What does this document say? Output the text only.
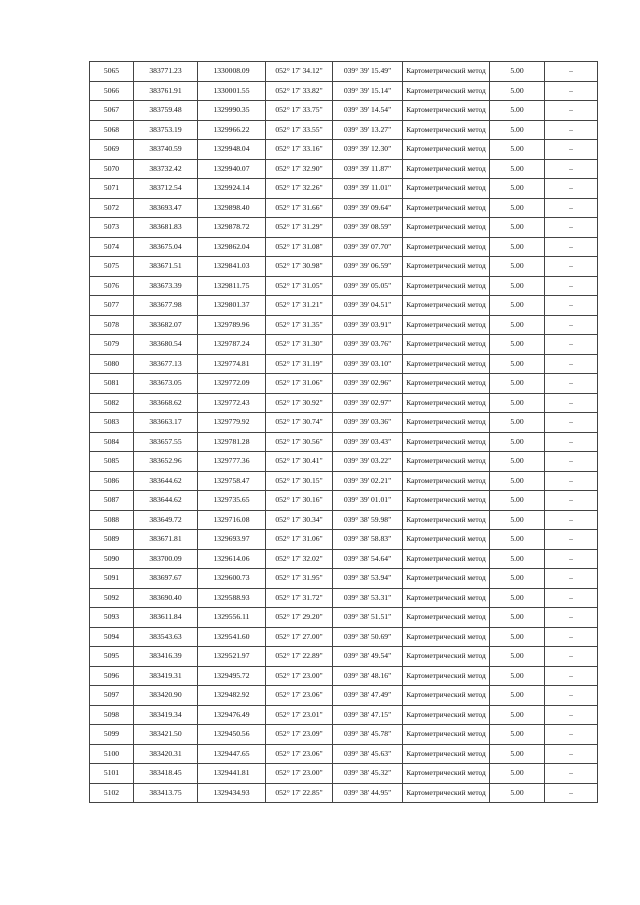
5065	383771.23	1330008.09	052° 17' 34.12"	039° 39' 15.49"	Картометрический метод	5.00	–
5066	383761.91	1330001.55	052° 17' 33.82"	039° 39' 15.14"	Картометрический метод	5.00	–
5067	383759.48	1329990.35	052° 17' 33.75"	039° 39' 14.54"	Картометрический метод	5.00	–
5068	383753.19	1329966.22	052° 17' 33.55"	039° 39' 13.27"	Картометрический метод	5.00	–
5069	383740.59	1329948.04	052° 17' 33.16"	039° 39' 12.30"	Картометрический метод	5.00	–
5070	383732.42	1329940.07	052° 17' 32.90"	039° 39' 11.87"	Картометрический метод	5.00	–
5071	383712.54	1329924.14	052° 17' 32.26"	039° 39' 11.01"	Картометрический метод	5.00	–
5072	383693.47	1329898.40	052° 17' 31.66"	039° 39' 09.64"	Картометрический метод	5.00	–
5073	383681.83	1329878.72	052° 17' 31.29"	039° 39' 08.59"	Картометрический метод	5.00	–
5074	383675.04	1329862.04	052° 17' 31.08"	039° 39' 07.70"	Картометрический метод	5.00	–
5075	383671.51	1329841.03	052° 17' 30.98"	039° 39' 06.59"	Картометрический метод	5.00	–
5076	383673.39	1329811.75	052° 17' 31.05"	039° 39' 05.05"	Картометрический метод	5.00	–
5077	383677.98	1329801.37	052° 17' 31.21"	039° 39' 04.51"	Картометрический метод	5.00	–
5078	383682.07	1329789.96	052° 17' 31.35"	039° 39' 03.91"	Картометрический метод	5.00	–
5079	383680.54	1329787.24	052° 17' 31.30"	039° 39' 03.76"	Картометрический метод	5.00	–
5080	383677.13	1329774.81	052° 17' 31.19"	039° 39' 03.10"	Картометрический метод	5.00	–
5081	383673.05	1329772.09	052° 17' 31.06"	039° 39' 02.96"	Картометрический метод	5.00	–
5082	383668.62	1329772.43	052° 17' 30.92"	039° 39' 02.97"	Картометрический метод	5.00	–
5083	383663.17	1329779.92	052° 17' 30.74"	039° 39' 03.36"	Картометрический метод	5.00	–
5084	383657.55	1329781.28	052° 17' 30.56"	039° 39' 03.43"	Картометрический метод	5.00	–
5085	383652.96	1329777.36	052° 17' 30.41"	039° 39' 03.22"	Картометрический метод	5.00	–
5086	383644.62	1329758.47	052° 17' 30.15"	039° 39' 02.21"	Картометрический метод	5.00	–
5087	383644.62	1329735.65	052° 17' 30.16"	039° 39' 01.01"	Картометрический метод	5.00	–
5088	383649.72	1329716.08	052° 17' 30.34"	039° 38' 59.98"	Картометрический метод	5.00	–
5089	383671.81	1329693.97	052° 17' 31.06"	039° 38' 58.83"	Картометрический метод	5.00	–
5090	383700.09	1329614.06	052° 17' 32.02"	039° 38' 54.64"	Картометрический метод	5.00	–
5091	383697.67	1329600.73	052° 17' 31.95"	039° 38' 53.94"	Картометрический метод	5.00	–
5092	383690.40	1329588.93	052° 17' 31.72"	039° 38' 53.31"	Картометрический метод	5.00	–
5093	383611.84	1329556.11	052° 17' 29.20"	039° 38' 51.51"	Картометрический метод	5.00	–
5094	383543.63	1329541.60	052° 17' 27.00"	039° 38' 50.69"	Картометрический метод	5.00	–
5095	383416.39	1329521.97	052° 17' 22.89"	039° 38' 49.54"	Картометрический метод	5.00	–
5096	383419.31	1329495.72	052° 17' 23.00"	039° 38' 48.16"	Картометрический метод	5.00	–
5097	383420.90	1329482.92	052° 17' 23.06"	039° 38' 47.49"	Картометрический метод	5.00	–
5098	383419.34	1329476.49	052° 17' 23.01"	039° 38' 47.15"	Картометрический метод	5.00	–
5099	383421.50	1329450.56	052° 17' 23.09"	039° 38' 45.78"	Картометрический метод	5.00	–
5100	383420.31	1329447.65	052° 17' 23.06"	039° 38' 45.63"	Картометрический метод	5.00	–
5101	383418.45	1329441.81	052° 17' 23.00"	039° 38' 45.32"	Картометрический метод	5.00	–
5102	383413.75	1329434.93	052° 17' 22.85"	039° 38' 44.95"	Картометрический метод	5.00	–
